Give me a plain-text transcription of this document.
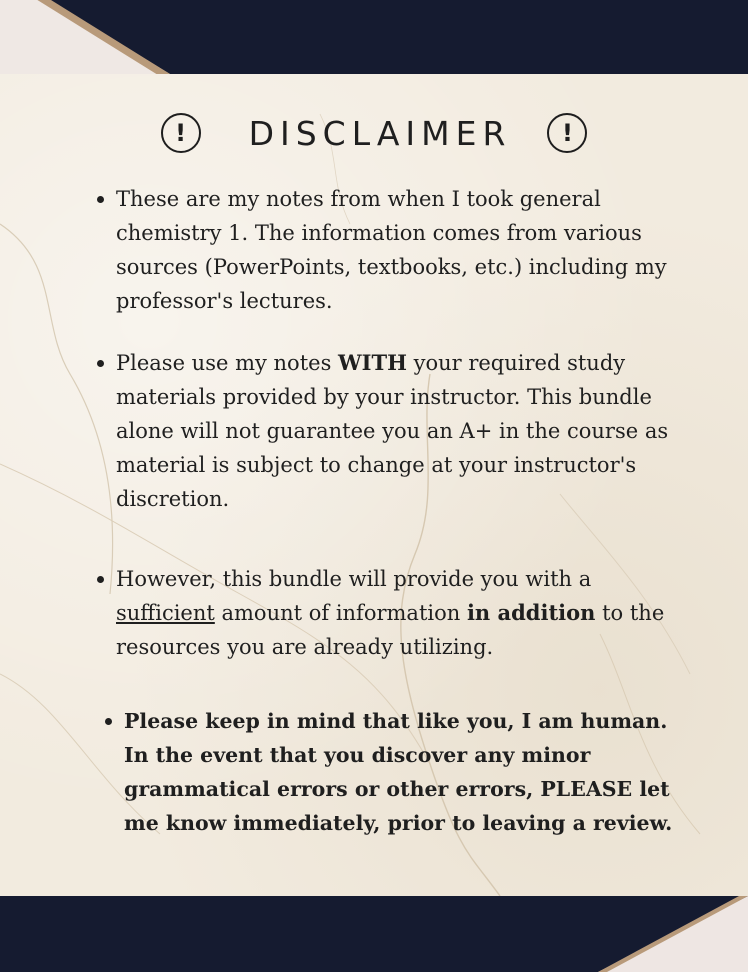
!	DISCLAIMER	!
These are my notes from when I took general chemistry 1. The information comes from various sources (PowerPoints, textbooks, etc.) including my professor's lectures.
Please use my notes WITH your required study materials provided by your instructor. This bundle alone will not guarantee you an A+ in the course as material is subject to change at your instructor's discretion.
However, this bundle will provide you with a sufficient amount of information in addition to the resources you are already utilizing.
Please keep in mind that like you, I am human. In the event that you discover any minor grammatical errors or other errors, PLEASE let me know immediately, prior to leaving a review.
